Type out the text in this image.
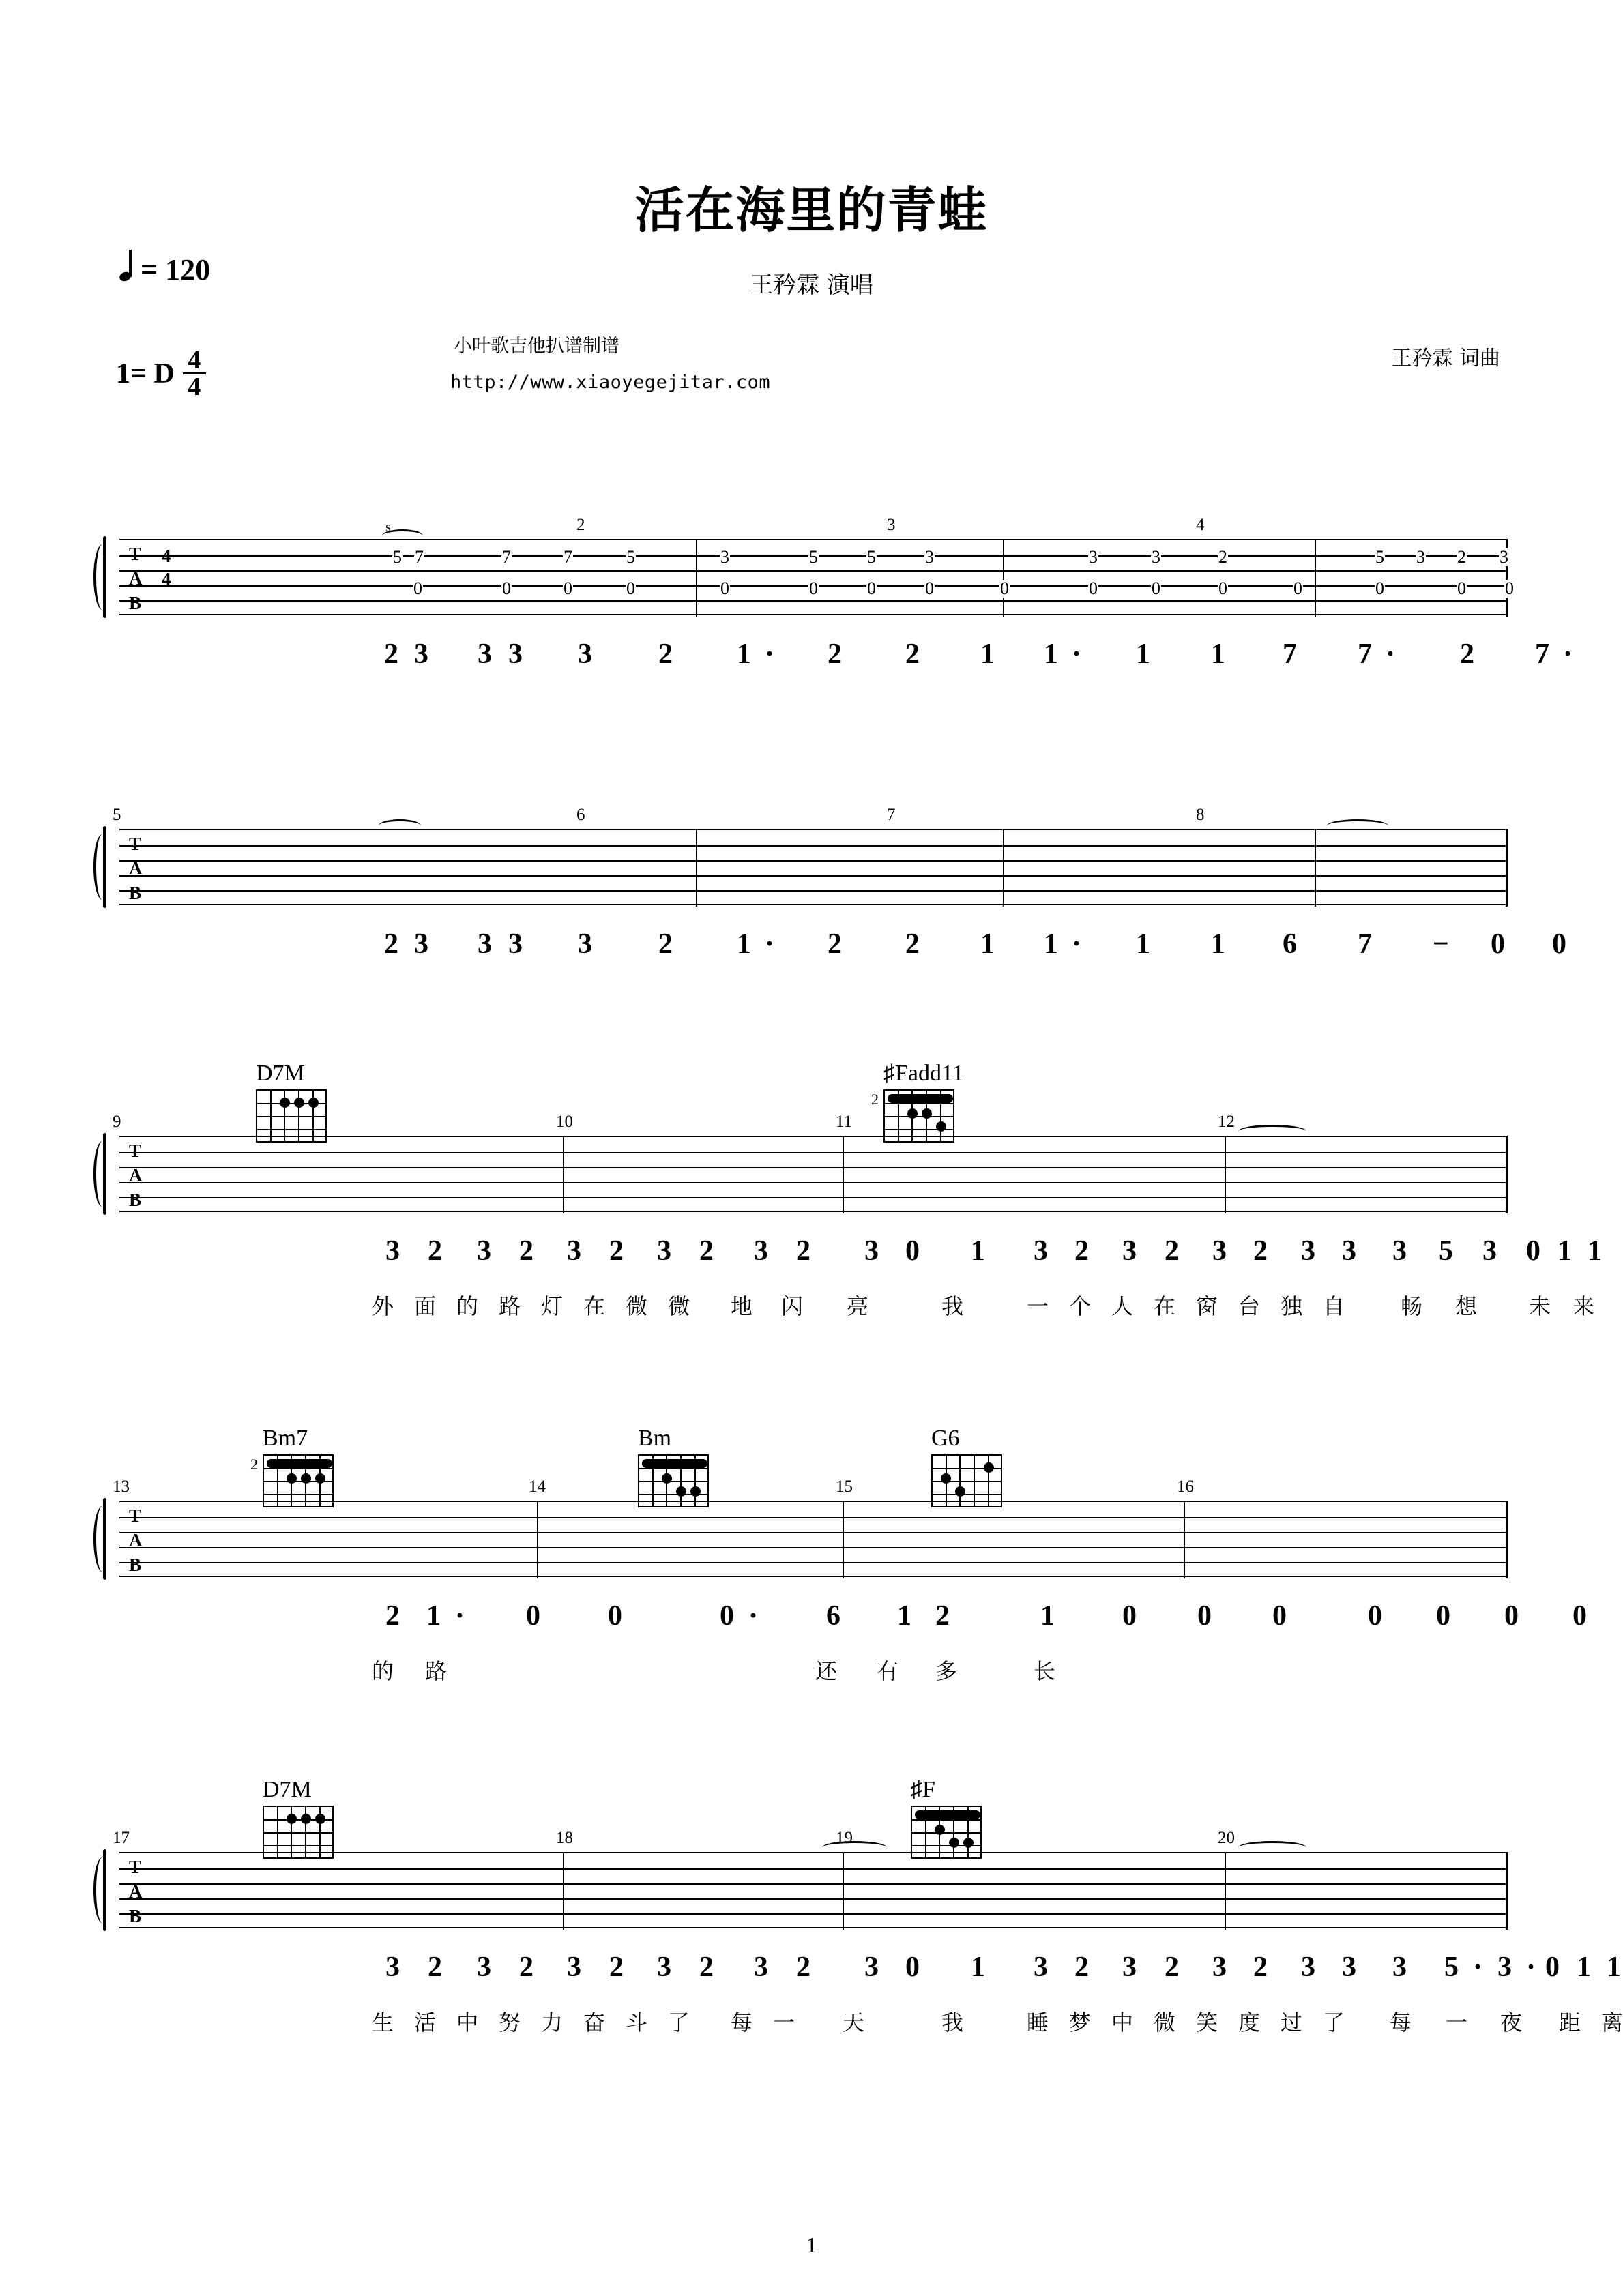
活在海里的青蛙
王矜霖 演唱
= 120
1= D $\frac{4}{4}$
小叶歌吉他扒谱制谱
http://www.xiaoyegejitar.com
王矜霖 词曲
T
A
B
4
4
s
5 7	7	7	5	3	5	5	3	3	3	2	5 3 2 3
0	0	0	0	0	0	0	0	0	0	0	0	0	0	0 0
2	3	4
2 3 3 3 3 2 1 · 2 2 1 1 · 1 1 7 7 · 2 7 ·
T
A
B
5	6	7	8
2 3 3 3 3 2 1 · 2 2 1 1 · 1 1 6 7 − 0 0
D7M	♯Fadd11
2
T
A
B
9	10	11	12
3 2 3 2 3 2 3 2 3 2 3 0 1 3 2 3 2 3 2 3 3 3 5 3 0 1 1
外 面 的 路 灯 在 微 微 地 闪 亮	我	一 个 人 在 窗 台 独 自	畅 想 未 来
Bm7
2
Bm	G6
T
A
B
13	14	15	16
2 1 · 0 0	0 · 6 1 2	1 0 0 0	0 0 0 0
的 路	还 有 多	长
D7M	♯F
T
A
B
17	18	19	20
3 2 3 2 3 2 3 2 3 2 3 0 1 3 2 3 2 3 2 3 3 3 5 · 3 · 0 1 1
生 活 中 努 力 奋 斗 了 每 一 天	我	睡 梦 中 微 笑 度 过 了 每 一 夜 距 离
1
